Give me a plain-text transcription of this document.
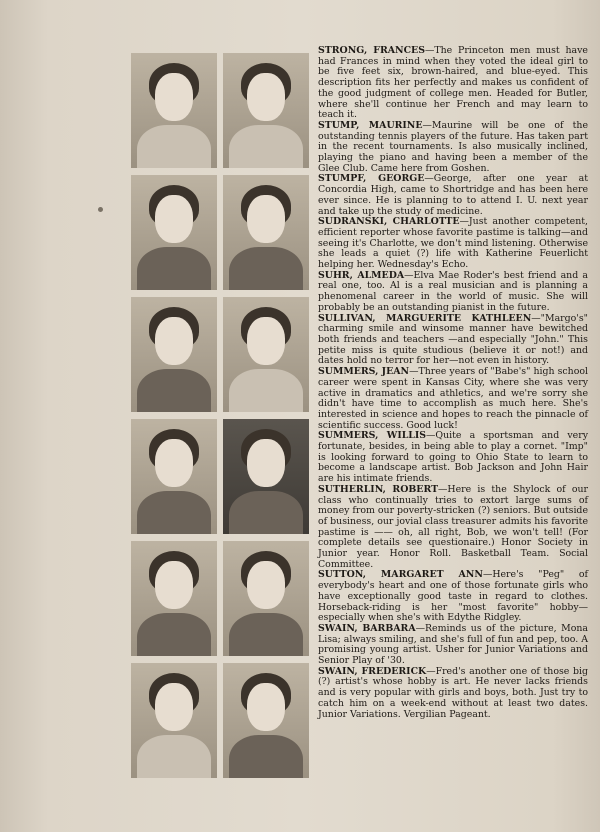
STRONG, FRANCES—The Princeton men must have had Frances in mind when they voted the ideal girl to be five feet six, brown-haired, and blue-eyed. This description fits her perfectly and makes us confident of the good judgment of college men. Headed for Butler, where she'll continue her French and may learn to teach it.

STUMP, MAURINE—Maurine will be one of the outstanding tennis players of the future. Has taken part in the recent tournaments. Is also musically inclined, playing the piano and having been a member of the Glee Club. Came here from Goshen.

STUMPF, GEORGE—George, after one year at Concordia High, came to Shortridge and has been here ever since. He is planning to to attend I. U. next year and take up the study of medicine.

SUDRANSKI, CHARLOTTE—Just another competent, efficient reporter whose favorite pastime is talking—and seeing it's Charlotte, we don't mind listening. Otherwise she leads a quiet (?) life with Katherine Feuerlicht helping her. Wednesday's Echo.

SUHR, ALMEDA—Elva Mae Roder's best friend and a real one, too. Al is a real musician and is planning a phenomenal career in the world of music. She will probably be an outstanding pianist in the future.

SULLIVAN, MARGUERITE KATHLEEN—"Margo's" charming smile and winsome manner have bewitched both friends and teachers —and especially "John." This petite miss is quite studious (believe it or not!) and dates hold no terror for her—not even in history.

SUMMERS, JEAN—Three years of "Babe's" high school career were spent in Kansas City, where she was very active in dramatics and athletics, and we're sorry she didn't have time to accomplish as much here. She's interested in science and hopes to reach the pinnacle of scientific success. Good luck!

SUMMERS, WILLIS—Quite a sportsman and very fortunate, besides, in being able to play a cornet. "Imp" is looking forward to going to Ohio State to learn to become a landscape artist. Bob Jackson and John Hair are his intimate friends.

SUTHERLIN, ROBERT—Here is the Shylock of our class who continually tries to extort large sums of money from our poverty-stricken (?) seniors. But outside of business, our jovial class treasurer admits his favorite pastime is —— oh, all right, Bob, we won't tell! (For complete details see questionaire.) Honor Society in Junior year. Honor Roll. Basketball Team. Social Committee.

SUTTON, MARGARET ANN—Here's "Peg" of everybody's heart and one of those fortunate girls who have exceptionally good taste in regard to clothes. Horseback-riding is her "most favorite" hobby—especially when she's with Edythe Ridgley.

SWAIN, BARBARA—Reminds us of the picture, Mona Lisa; always smiling, and she's full of fun and pep, too. A promising young artist. Usher for Junior Variations and Senior Play of '30.

SWAIN, FREDERICK—Fred's another one of those big (?) artist's whose hobby is art. He never lacks friends and is very popular with girls and boys, both. Just try to catch him on a week-end without at least two dates. Junior Variations. Vergilian Pageant.
